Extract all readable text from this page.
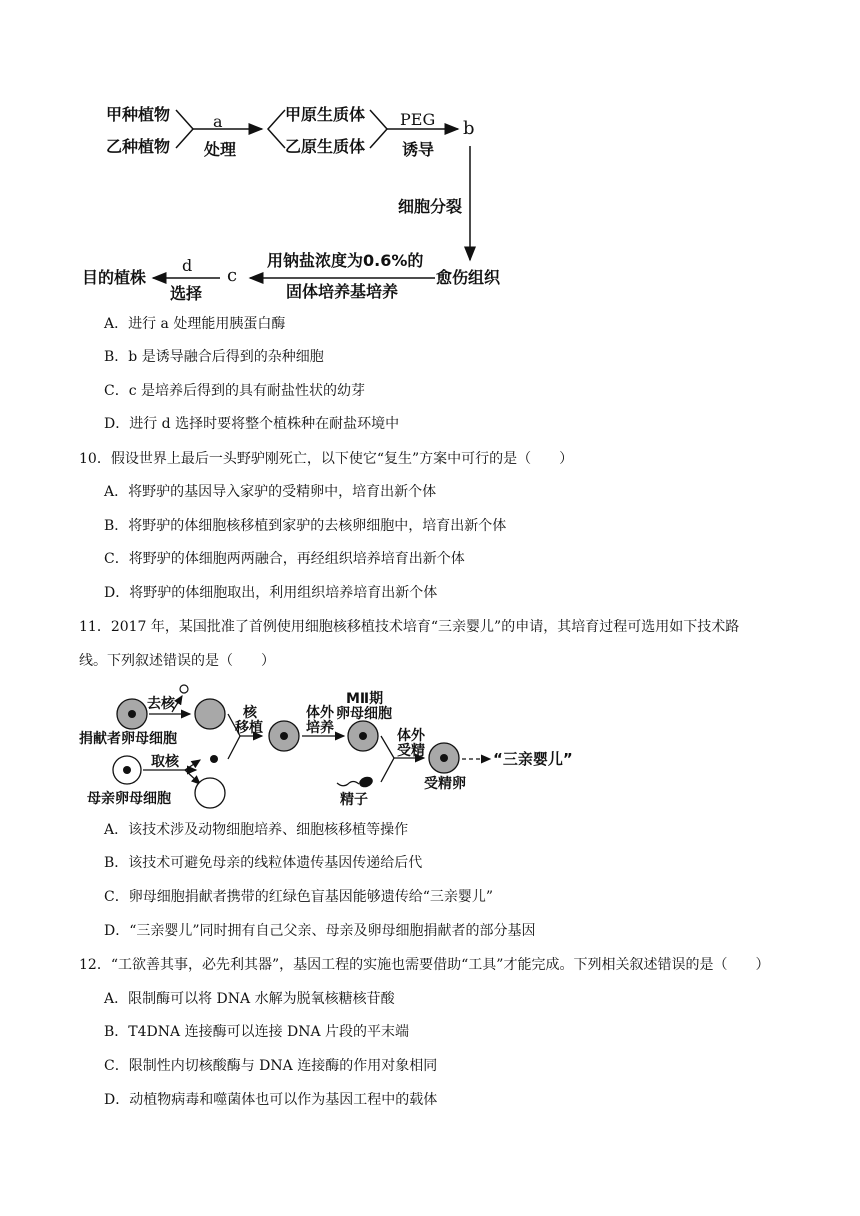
甲种植物
乙种植物
a
处理
甲原生质体
乙原生质体
PEG
诱导
b
细胞分裂
愈伤组织
用钠盐浓度为0.6%的
固体培养基培养
c
d
选择
目的植株
A．进行 a 处理能用胰蛋白酶
B．b 是诱导融合后得到的杂种细胞
C．c 是培养后得到的具有耐盐性状的幼芽
D．进行 d 选择时要将整个植株种在耐盐环境中
10．假设世界上最后一头野驴刚死亡，以下使它“复生”方案中可行的是（　　）
A．将野驴的基因导入家驴的受精卵中，培育出新个体
B．将野驴的体细胞核移植到家驴的去核卵细胞中，培育出新个体
C．将野驴的体细胞两两融合，再经组织培养培育出新个体
D．将野驴的体细胞取出，利用组织培养培育出新个体
11．2017 年，某国批准了首例使用细胞核移植技术培育“三亲婴儿”的申请，其培育过程可选用如下技术路
线。下列叙述错误的是（　　）
去核
捐献者卵母细胞
取核
母亲卵母细胞
核
移植
体外
培养
MⅡ期
卵母细胞
体外
受精
精子
受精卵
“三亲婴儿”
A．该技术涉及动物细胞培养、细胞核移植等操作
B．该技术可避免母亲的线粒体遗传基因传递给后代
C．卵母细胞捐献者携带的红绿色盲基因能够遗传给“三亲婴儿”
D．“三亲婴儿”同时拥有自己父亲、母亲及卵母细胞捐献者的部分基因
12．“工欲善其事，必先利其器”，基因工程的实施也需要借助“工具”才能完成。下列相关叙述错误的是（　　）
A．限制酶可以将 DNA 水解为脱氧核糖核苷酸
B．T4DNA 连接酶可以连接 DNA 片段的平末端
C．限制性内切核酸酶与 DNA 连接酶的作用对象相同
D．动植物病毒和噬菌体也可以作为基因工程中的载体
